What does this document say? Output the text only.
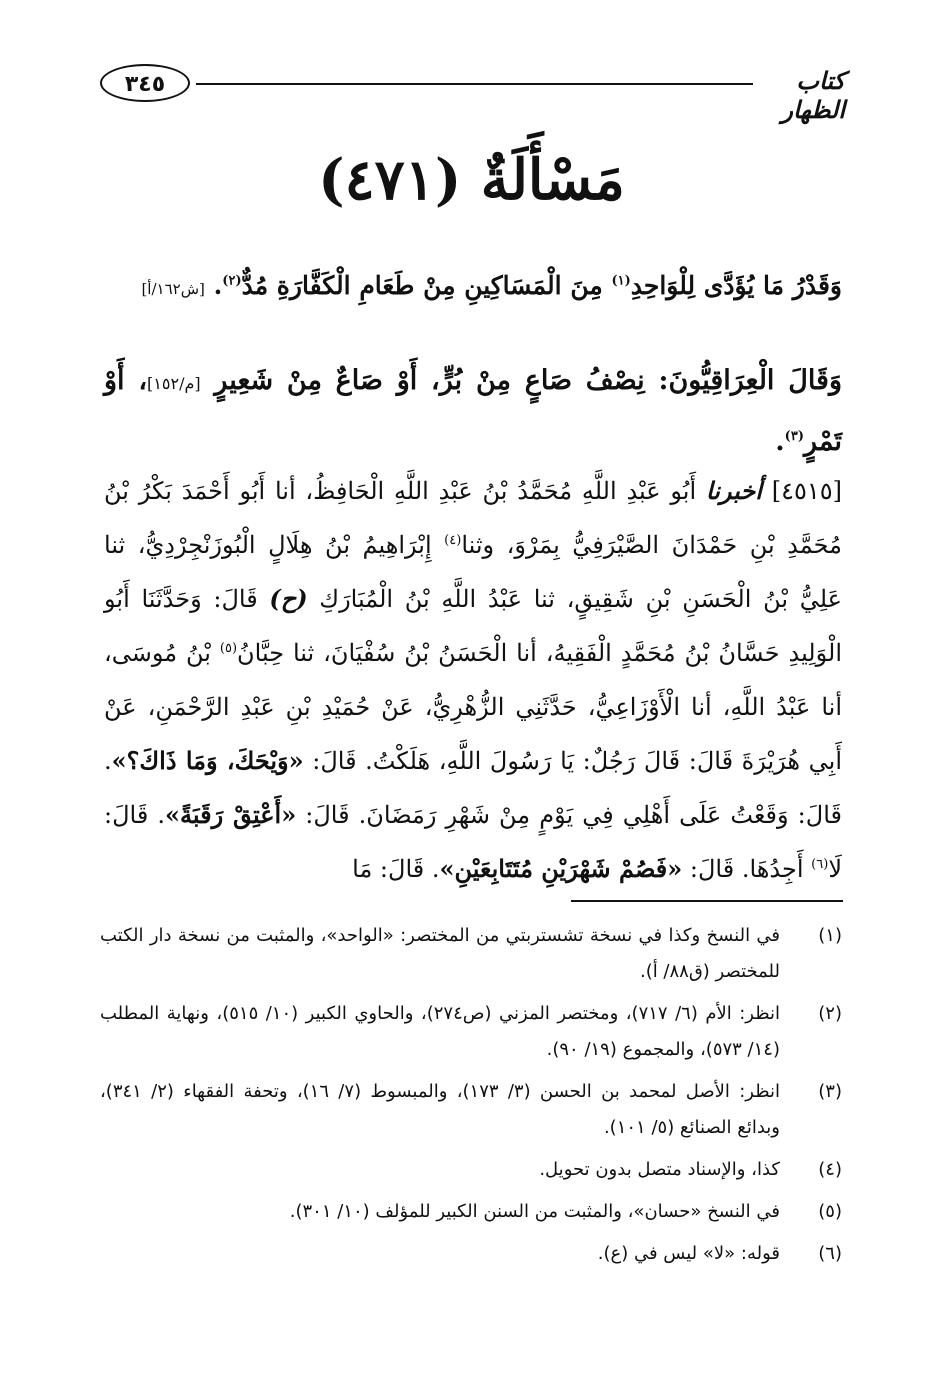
٣٤٥	كتاب الظهار
مَسْأَلَةٌ (٤٧١)
وَقَدْرُ مَا يُؤَدَّى لِلْوَاحِدِ$^{(١)}$ مِنَ الْمَسَاكِينِ مِنْ طَعَامِ الْكَفَّارَةِ مُدٌّ$^{(٢)}$. [ش١٦٢/أ]
وَقَالَ الْعِرَاقِيُّونَ: نِصْفُ صَاعٍ مِنْ بُرٍّ، أَوْ صَاعٌ مِنْ شَعِيرٍ [م/١٥٢]، أَوْ تَمْرٍ$^{(٣)}$.
[٤٥١٥] أخبرنا أَبُو عَبْدِ اللَّهِ مُحَمَّدُ بْنُ عَبْدِ اللَّهِ الْحَافِظُ، أنا أَبُو أَحْمَدَ بَكْرُ بْنُ مُحَمَّدِ بْنِ حَمْدَانَ الصَّيْرَفِيُّ بِمَرْوَ، وثنا$^{(٤)}$ إِبْرَاهِيمُ بْنُ هِلَالٍ الْبُوزَنْجِرْدِيُّ، ثنا عَلِيُّ بْنُ الْحَسَنِ بْنِ شَقِيقٍ، ثنا عَبْدُ اللَّهِ بْنُ الْمُبَارَكِ (ح) قَالَ: وَحَدَّثَنَا أَبُو الْوَلِيدِ حَسَّانُ بْنُ مُحَمَّدٍ الْفَقِيهُ، أنا الْحَسَنُ بْنُ سُفْيَانَ، ثنا حِبَّانُ$^{(٥)}$ بْنُ مُوسَى، أنا عَبْدُ اللَّهِ، أنا الْأَوْزَاعِيُّ، حَدَّثَنِي الزُّهْرِيُّ، عَنْ حُمَيْدِ بْنِ عَبْدِ الرَّحْمَنِ، عَنْ أَبِي هُرَيْرَةَ قَالَ: قَالَ رَجُلٌ: يَا رَسُولَ اللَّهِ، هَلَكْتُ. قَالَ: «وَيْحَكَ، وَمَا ذَاكَ؟». قَالَ: وَقَعْتُ عَلَى أَهْلِي فِي يَوْمٍ مِنْ شَهْرِ رَمَضَانَ. قَالَ: «أَعْتِقْ رَقَبَةً». قَالَ: لَا$^{(٦)}$ أَجِدُهَا. قَالَ: «فَصُمْ شَهْرَيْنِ مُتَتَابِعَيْنِ». قَالَ: مَا
(١)
في النسخ وكذا في نسخة تشستربتي من المختصر: «الواحد»، والمثبت من نسخة دار الكتب للمختصر (ق٨٨/ أ).
(٢)
انظر: الأم (٦/ ٧١٧)، ومختصر المزني (ص٢٧٤)، والحاوي الكبير (١٠/ ٥١٥)، ونهاية المطلب (١٤/ ٥٧٣)، والمجموع (١٩/ ٩٠).
(٣)
انظر: الأصل لمحمد بن الحسن (٣/ ١٧٣)، والمبسوط (٧/ ١٦)، وتحفة الفقهاء (٢/ ٣٤١)، وبدائع الصنائع (٥/ ١٠١).
(٤)
كذا، والإسناد متصل بدون تحويل.
(٥)
في النسخ «حسان»، والمثبت من السنن الكبير للمؤلف (١٠/ ٣٠١).
(٦)
قوله: «لا» ليس في (ع).
